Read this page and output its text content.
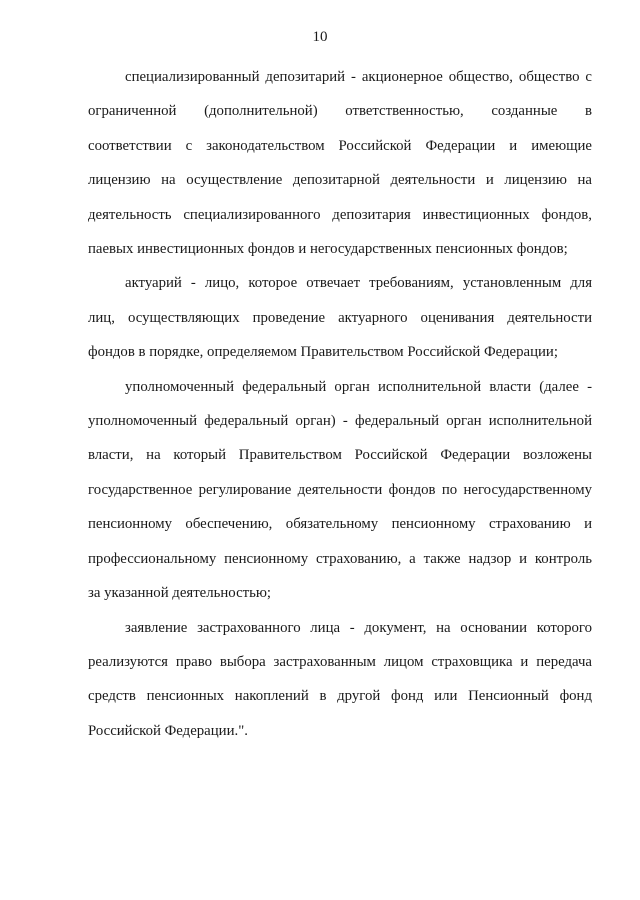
10
специализированный депозитарий - акционерное общество, общество с
ограниченной (дополнительной) ответственностью, созданные в
соответствии с законодательством Российской Федерации и имеющие
лицензию на осуществление депозитарной деятельности и лицензию на
деятельность специализированного депозитария инвестиционных фондов,
паевых инвестиционных фондов и негосударственных пенсионных фондов;
актуарий - лицо, которое отвечает требованиям, установленным для
лиц, осуществляющих проведение актуарного оценивания деятельности
фондов в порядке, определяемом Правительством Российской Федерации;
уполномоченный федеральный орган исполнительной власти (далее -
уполномоченный федеральный орган) - федеральный орган исполнительной
власти, на который Правительством Российской Федерации возложены
государственное регулирование деятельности фондов по негосударственному
пенсионному обеспечению, обязательному пенсионному страхованию и
профессиональному пенсионному страхованию, а также надзор и контроль
за указанной деятельностью;
заявление застрахованного лица - документ, на основании которого
реализуются право выбора застрахованным лицом страховщика и передача
средств пенсионных накоплений в другой фонд или Пенсионный фонд
Российской Федерации.".
